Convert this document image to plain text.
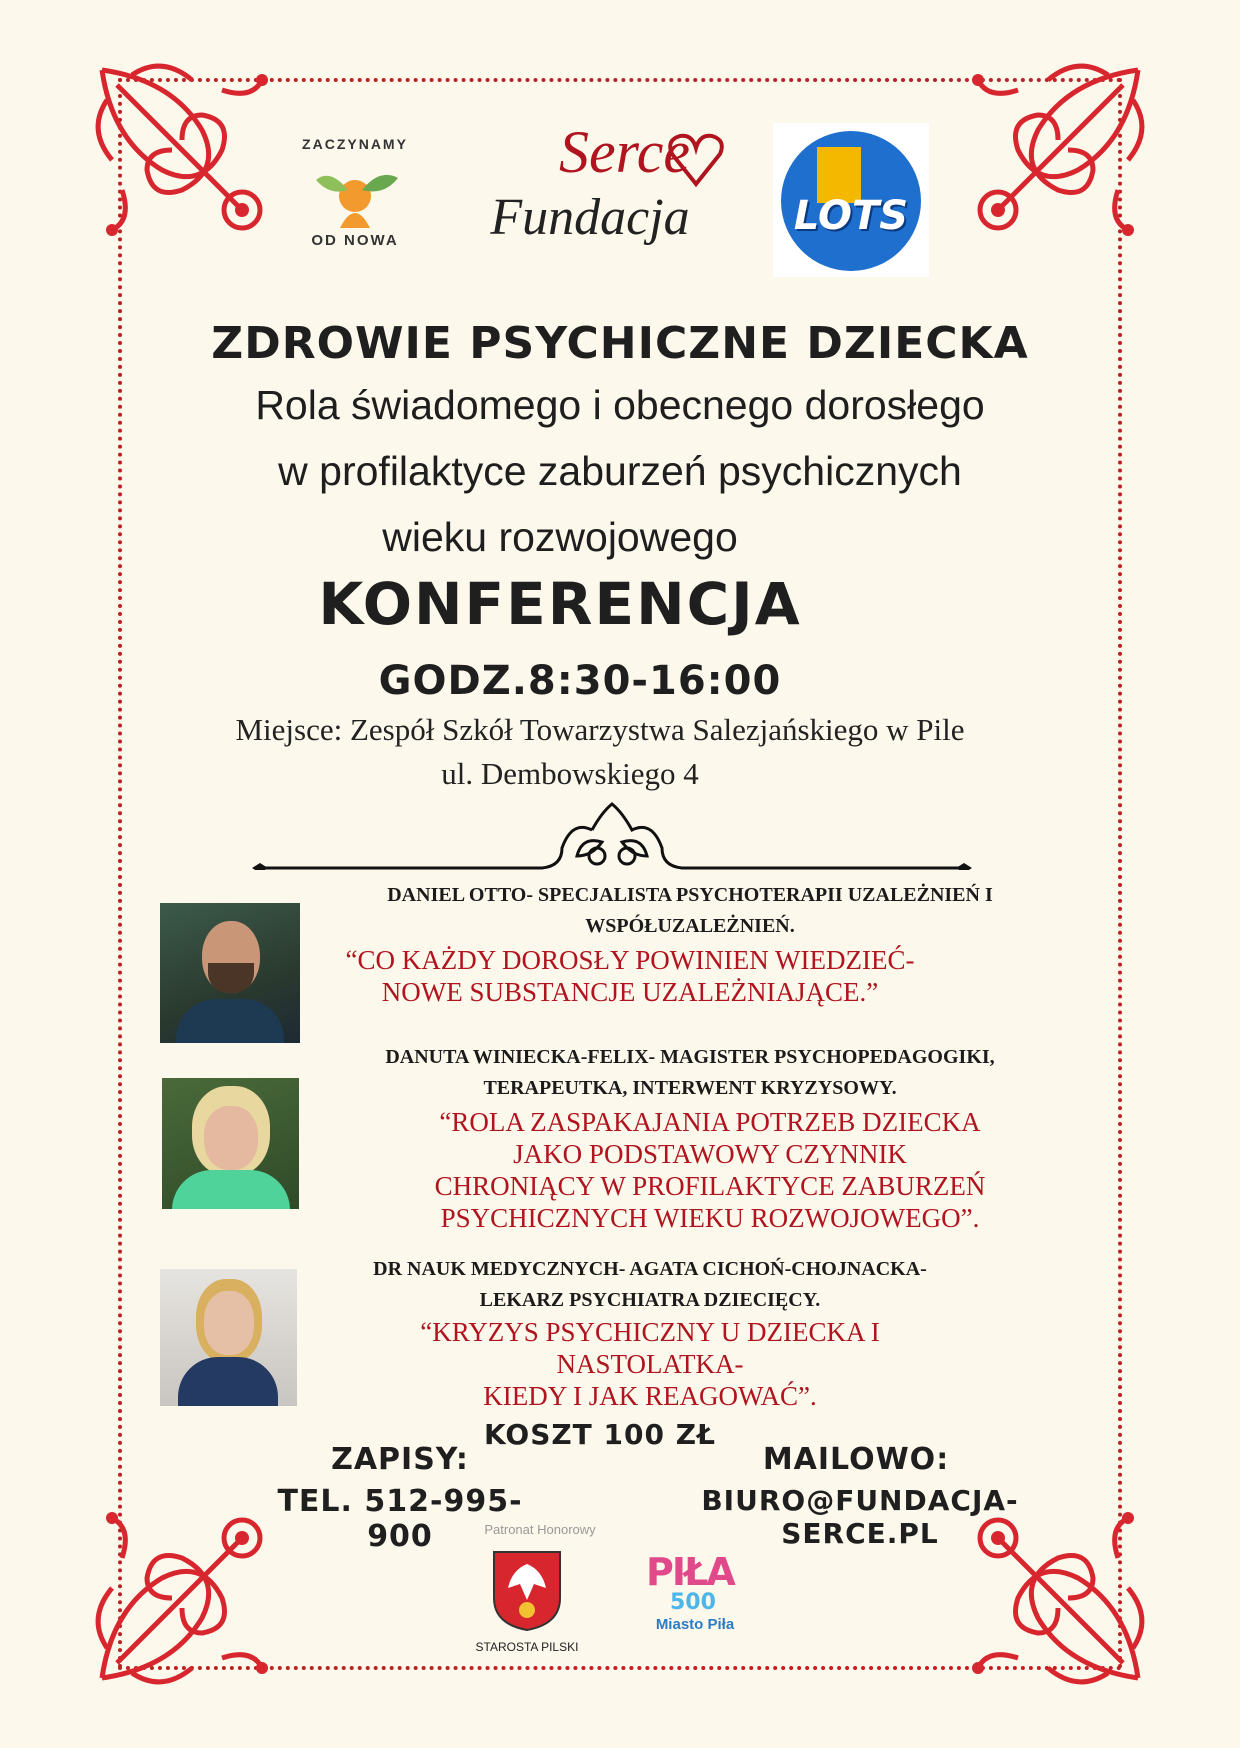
ZACZYNAMY
OD NOWA
Serce
Fundacja	LOTS
ZDROWIE PSYCHICZNE DZIECKA
Rola świadomego i obecnego dorosłego
w profilaktyce zaburzeń psychicznych
wieku rozwojowego
KONFERENCJA
GODZ.8:30-16:00
Miejsce: Zespół Szkół Towarzystwa Salezjańskiego w Pile
ul. Dembowskiego 4
DANIEL OTTO- SPECJALISTA PSYCHOTERAPII UZALEŻNIEŃ I
WSPÓŁUZALEŻNIEŃ.
“CO KAŻDY DOROSŁY POWINIEN WIEDZIEĆ-
NOWE SUBSTANCJE UZALEŻNIAJĄCE.”
DANUTA WINIECKA-FELIX- MAGISTER PSYCHOPEDAGOGIKI,
TERAPEUTKA, INTERWENT KRYZYSOWY.
“ROLA ZASPAKAJANIA POTRZEB DZIECKA
JAKO PODSTAWOWY CZYNNIK
CHRONIĄCY W PROFILAKTYCE ZABURZEŃ
PSYCHICZNYCH WIEKU ROZWOJOWEGO”.
DR NAUK MEDYCZNYCH- AGATA CICHOŃ-CHOJNACKA-
LEKARZ PSYCHIATRA DZIECIĘCY.
“KRYZYS PSYCHICZNY U DZIECKA I
NASTOLATKA-
KIEDY I JAK REAGOWAĆ”.
KOSZT 100 ZŁ
ZAPISY:
TEL. 512-995-900
MAILOWO:
BIURO@FUNDACJA-SERCE.PL
Patronat Honorowy
STAROSTA PILSKI
PIŁA
500
Miasto Piła
